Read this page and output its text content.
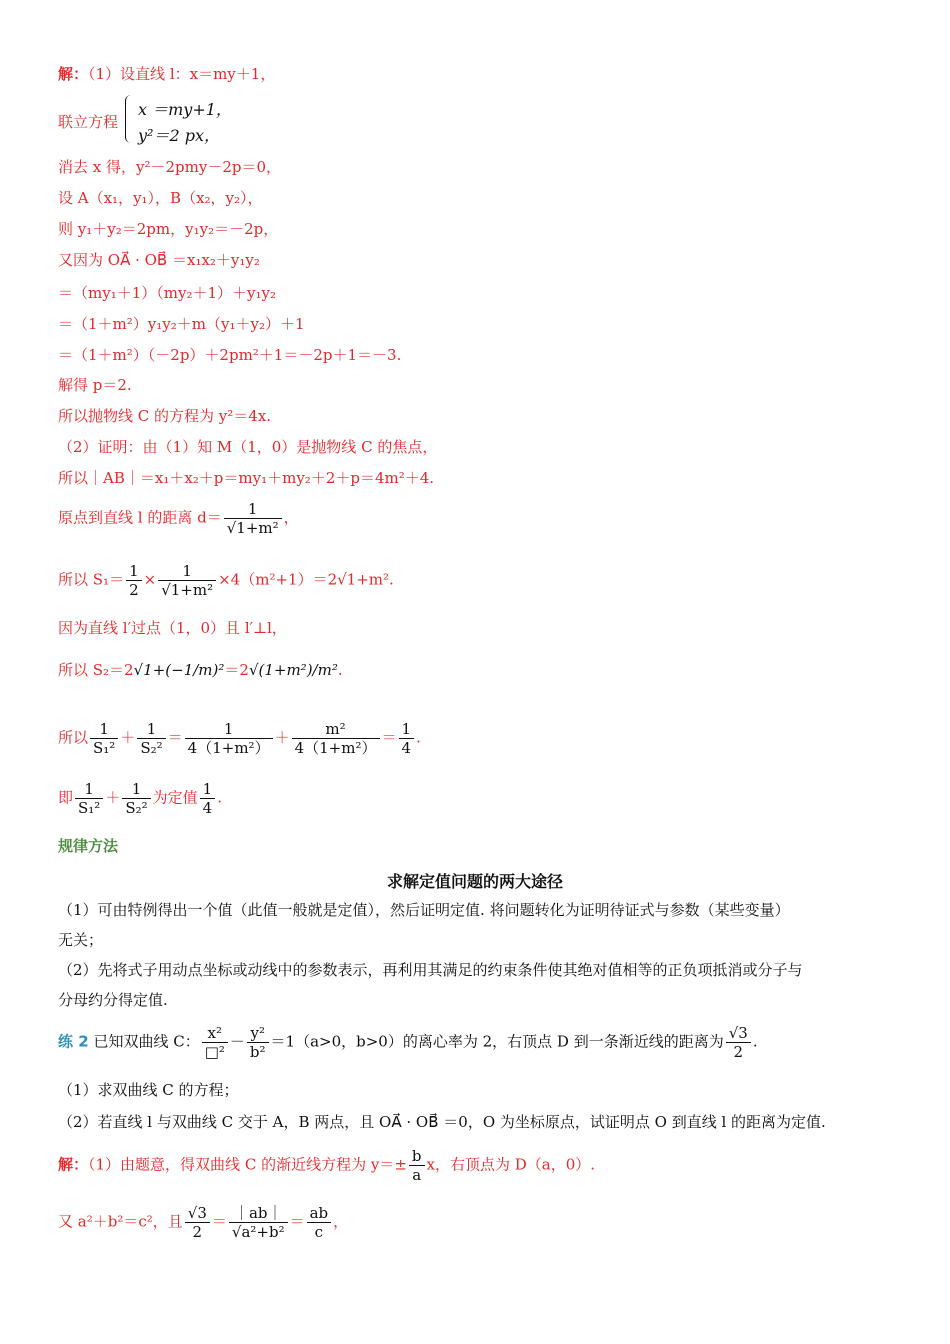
解：（1）设直线 l：x＝my＋1，
联立方程
x ＝my+1，
y²＝2 px，
消去 x 得，y²－2pmy－2p＝0，
设 A（x₁，y₁），B（x₂，y₂），
则 y₁＋y₂＝2pm，y₁y₂＝－2p，
又因为 OA⃗ · OB⃗ ＝x₁x₂＋y₁y₂
＝（my₁＋1）（my₂＋1）＋y₁y₂
＝（1＋m²）y₁y₂＋m（y₁＋y₂）＋1
＝（1＋m²）（－2p）＋2pm²＋1＝－2p＋1＝－3.
解得 p＝2.
所以抛物线 C 的方程为 y²＝4x.
（2）证明：由（1）知 M（1，0）是抛物线 C 的焦点，
所以｜AB｜＝x₁＋x₂＋p＝my₁＋my₂＋2＋p＝4m²＋4.
原点到直线 l 的距离 $d= \frac{1}{\text{√1+m²}}$ ，
所以 $S_1= \frac{1}{2} \times \frac{1}{\text{√1+m²}} \times 4(m^2+1)=2√1+m^2$.
因为直线 l′过点（1，0）且 l′⊥l，
所以 S₂＝2√1+(−1/m)²＝2√(1+m²)/m².
所以 $\frac{1}{\text{S₁²}} + \frac{1}{\text{S₂²}} = \frac{1}{\text{4（1+m²）}} + \frac{\text{m²}}{\text{4（1+m²）}} = \frac{1}{4}$ .
即 $\frac{1}{\text{S₁²}} + \frac{1}{\text{S₂²}}$ 为定值 $\frac{1}{4}$ .
规律方法
求解定值问题的两大途径
（1）可由特例得出一个值（此值一般就是定值），然后证明定值. 将问题转化为证明待证式与参数（某些变量）
无关；
（2）先将式子用动点坐标或动线中的参数表示，再利用其满足的约束条件使其绝对值相等的正负项抵消或分子与
分母约分得定值.
练 2 已知双曲线 C： $\frac{\text{x²}}{\text{□²}} - \frac{\text{y²}}{\text{b²}} =1(a>0$，b>0）的离心率为 2，右顶点 D 到一条渐近线的距离为 $\frac{√3}{2}$ .
（1）求双曲线 C 的方程；
（2）若直线 l 与双曲线 C 交于 A，B 两点，且 OA⃗ · OB⃗ ＝0，O 为坐标原点，试证明点 O 到直线 l 的距离为定值.
解：（1）由题意，得双曲线 C 的渐近线方程为 $y=\pm \frac{b}{a}$ x，右顶点为 D（a，0）.
又 a²＋b²＝c²，且 $\frac{√3}{2} = \frac{|ab|}{\text{√a²+b²}} = \frac{ab}{c}$ ，
